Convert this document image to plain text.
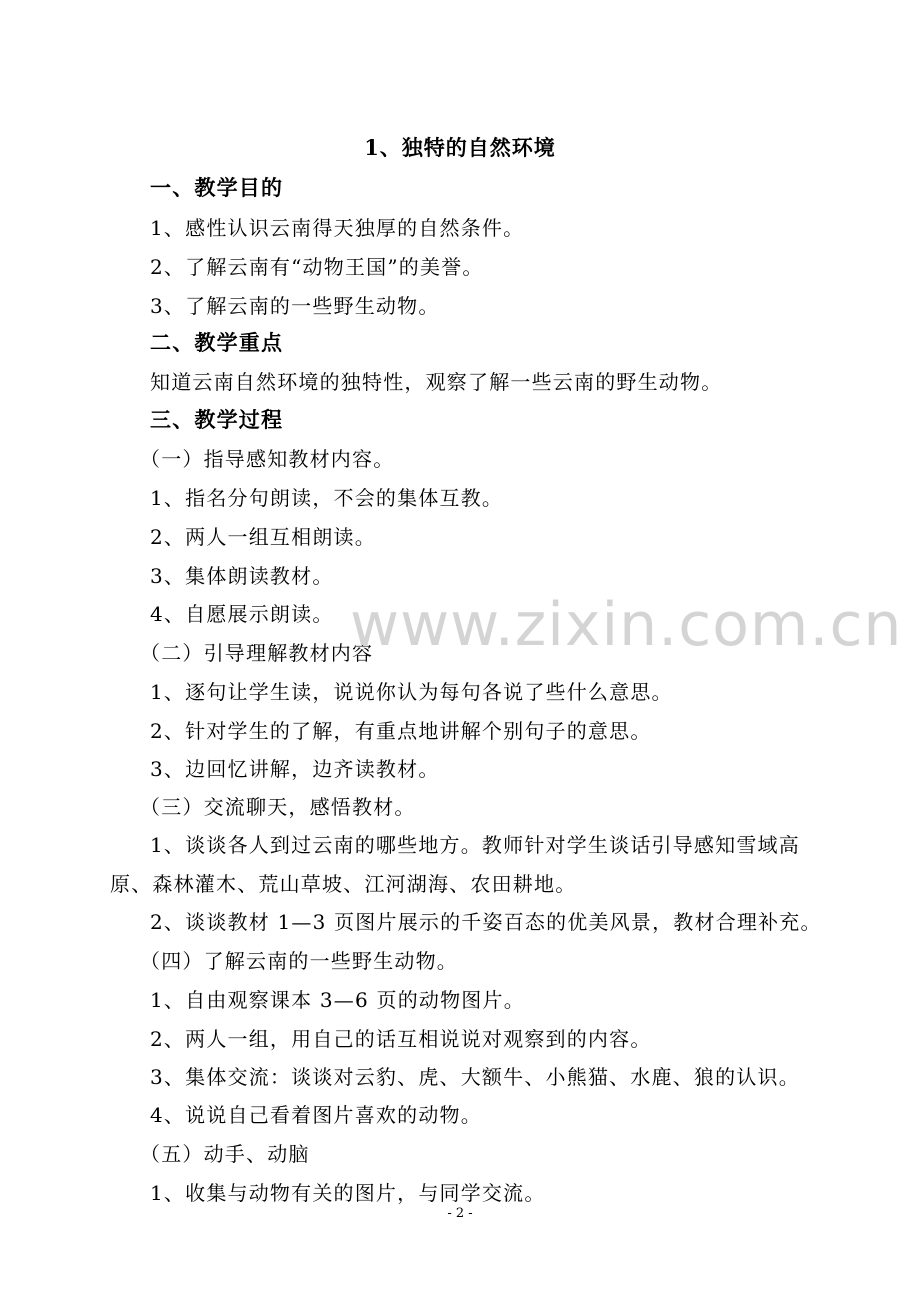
1、独特的自然环境
一、教学目的
1、感性认识云南得天独厚的自然条件。
2、了解云南有“动物王国”的美誉。
3、了解云南的一些野生动物。
二、教学重点
知道云南自然环境的独特性，观察了解一些云南的野生动物。
三、教学过程
（一）指导感知教材内容。
1、指名分句朗读，不会的集体互教。
2、两人一组互相朗读。
3、集体朗读教材。
4、自愿展示朗读。
（二）引导理解教材内容
1、逐句让学生读，说说你认为每句各说了些什么意思。
2、针对学生的了解，有重点地讲解个别句子的意思。
3、边回忆讲解，边齐读教材。
（三）交流聊天，感悟教材。
1、谈谈各人到过云南的哪些地方。教师针对学生谈话引导感知雪域高
原、森林灌木、荒山草坡、江河湖海、农田耕地。
2、谈谈教材 1—3 页图片展示的千姿百态的优美风景，教材合理补充。
（四）了解云南的一些野生动物。
1、自由观察课本 3—6 页的动物图片。
2、两人一组，用自己的话互相说说对观察到的内容。
3、集体交流：谈谈对云豹、虎、大额牛、小熊猫、水鹿、狼的认识。
4、说说自己看着图片喜欢的动物。
（五）动手、动脑
1、收集与动物有关的图片，与同学交流。
www.zixin.com.cn
- 2 -
